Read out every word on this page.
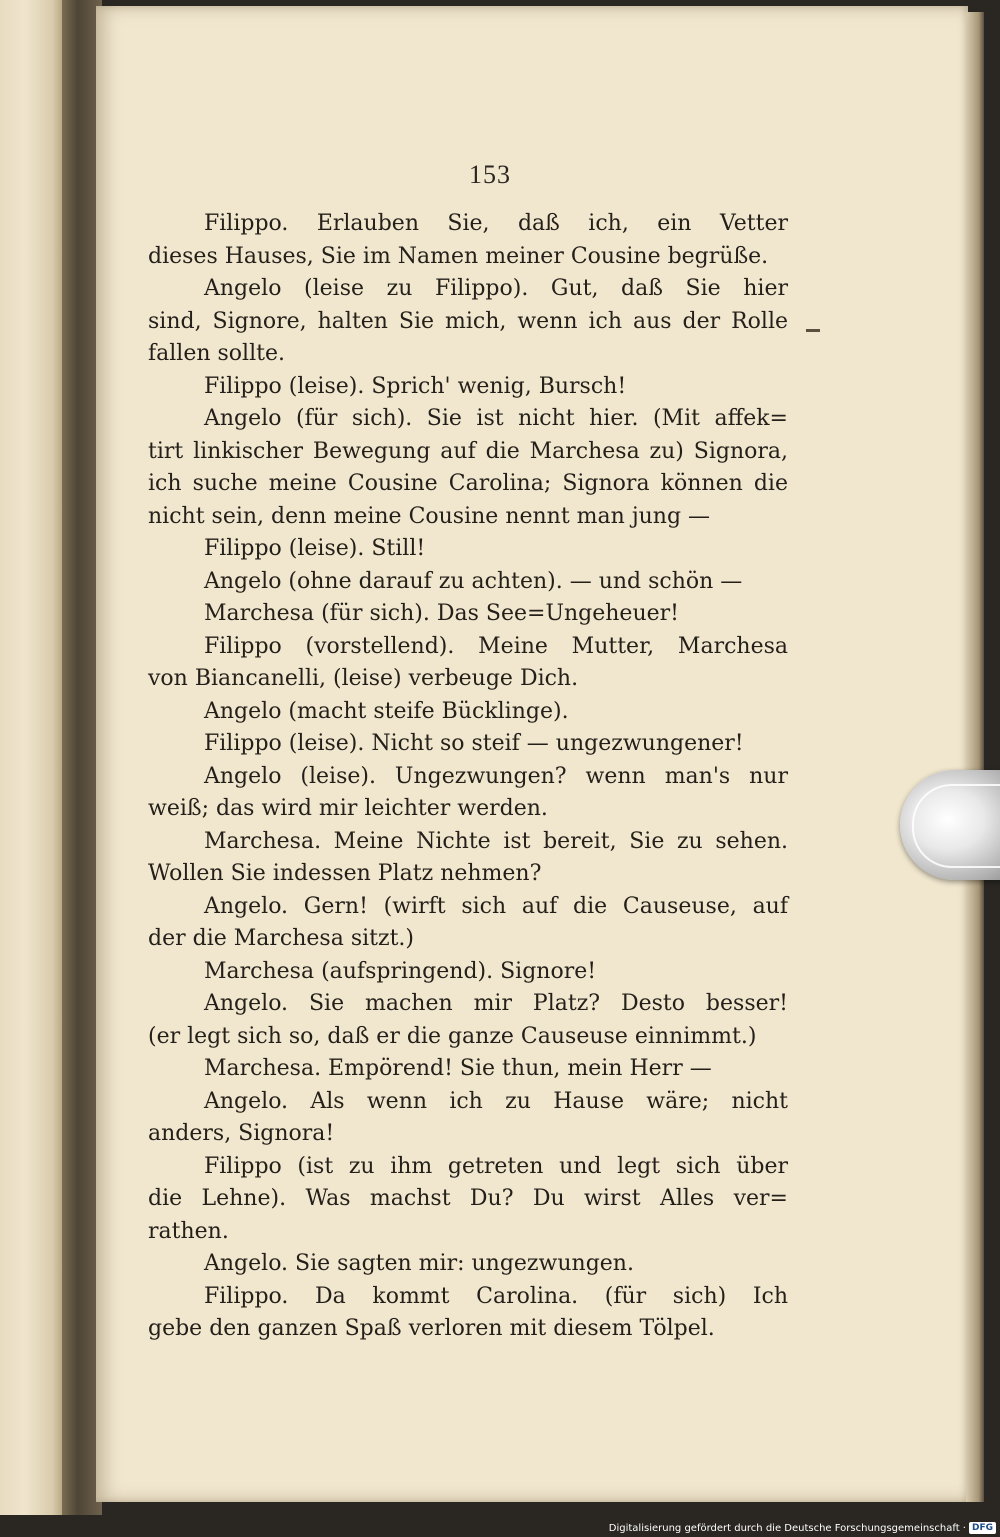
153
Filippo. Erlauben Sie, daß ich, ein Vetter
dieses Hauses, Sie im Namen meiner Cousine begrüße.
Angelo (leise zu Filippo). Gut, daß Sie hier
sind, Signore, halten Sie mich, wenn ich aus der Rolle
fallen sollte.
Filippo (leise). Sprich' wenig, Bursch!
Angelo (für sich). Sie ist nicht hier. (Mit affek=
tirt linkischer Bewegung auf die Marchesa zu) Signora,
ich suche meine Cousine Carolina; Signora können die
nicht sein, denn meine Cousine nennt man jung —
Filippo (leise). Still!
Angelo (ohne darauf zu achten). — und schön —
Marchesa (für sich). Das See=Ungeheuer!
Filippo (vorstellend). Meine Mutter, Marchesa
von Biancanelli, (leise) verbeuge Dich.
Angelo (macht steife Bücklinge).
Filippo (leise). Nicht so steif — ungezwungener!
Angelo (leise). Ungezwungen? wenn man's nur
weiß; das wird mir leichter werden.
Marchesa. Meine Nichte ist bereit, Sie zu sehen.
Wollen Sie indessen Platz nehmen?
Angelo. Gern! (wirft sich auf die Causeuse, auf
der die Marchesa sitzt.)
Marchesa (aufspringend). Signore!
Angelo. Sie machen mir Platz? Desto besser!
(er legt sich so, daß er die ganze Causeuse einnimmt.)
Marchesa. Empörend! Sie thun, mein Herr —
Angelo. Als wenn ich zu Hause wäre; nicht
anders, Signora!
Filippo (ist zu ihm getreten und legt sich über
die Lehne). Was machst Du? Du wirst Alles ver=
rathen.
Angelo. Sie sagten mir: ungezwungen.
Filippo. Da kommt Carolina. (für sich) Ich
gebe den ganzen Spaß verloren mit diesem Tölpel.
Digitalisierung gefördert durch die Deutsche Forschungsgemeinschaft · DFG
